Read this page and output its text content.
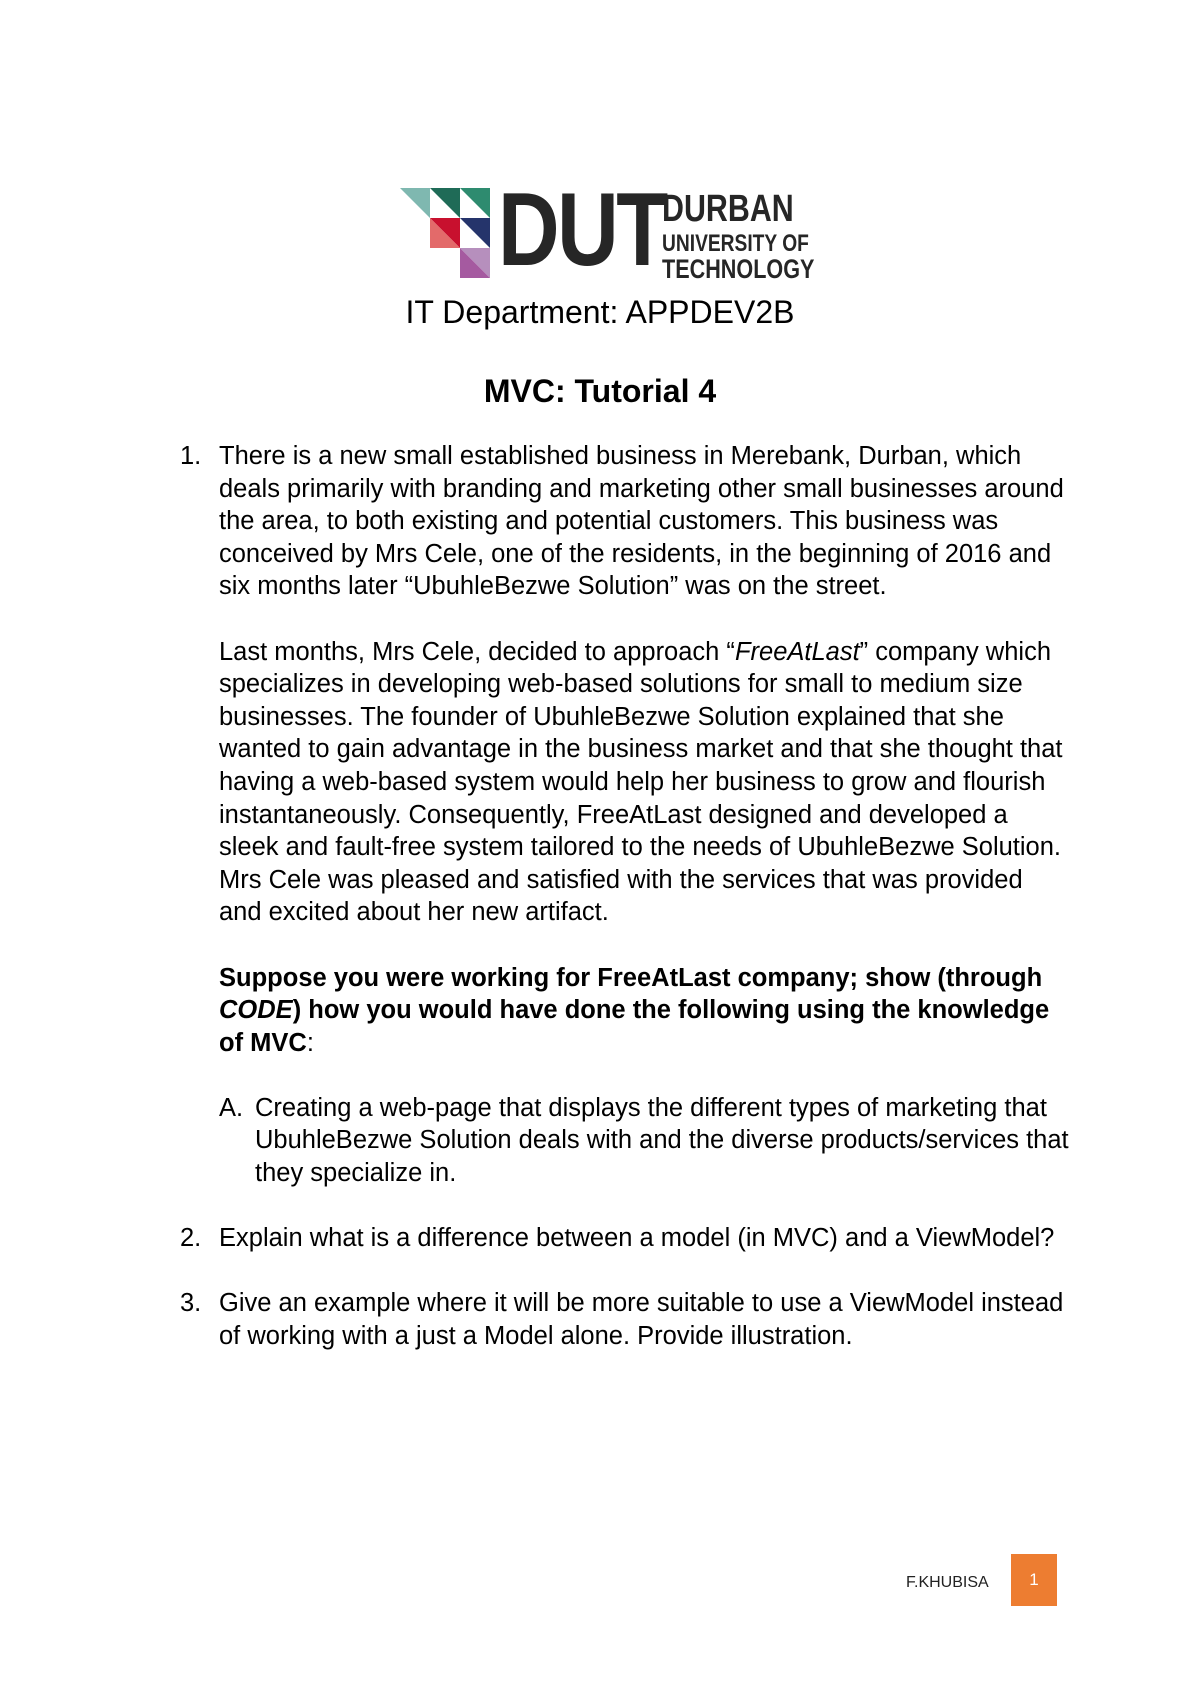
DUT
DURBAN
UNIVERSITY OF
TECHNOLOGY
IT Department: APPDEV2B
MVC: Tutorial 4
1. There is a new small established business in Merebank, Durban, which deals primarily with branding and marketing other small businesses around the area, to both existing and potential customers. This business was conceived by Mrs Cele, one of the residents, in the beginning of 2016 and six months later “UbuhleBezwe Solution” was on the street.

Last months, Mrs Cele, decided to approach “FreeAtLast” company which specializes in developing web-based solutions for small to medium size businesses. The founder of UbuhleBezwe Solution explained that she wanted to gain advantage in the business market and that she thought that having a web-based system would help her business to grow and flourish instantaneously. Consequently, FreeAtLast designed and developed a sleek and fault-free system tailored to the needs of UbuhleBezwe Solution. Mrs Cele was pleased and satisfied with the services that was provided and excited about her new artifact.

Suppose you were working for FreeAtLast company; show (through CODE) how you would have done the following using the knowledge of MVC:

A. Creating a web-page that displays the different types of marketing that UbuhleBezwe Solution deals with and the diverse products/services that they specialize in.

2. Explain what is a difference between a model (in MVC) and a ViewModel?

3. Give an example where it will be more suitable to use a ViewModel instead of working with a just a Model alone. Provide illustration.

F.KHUBISA	1
